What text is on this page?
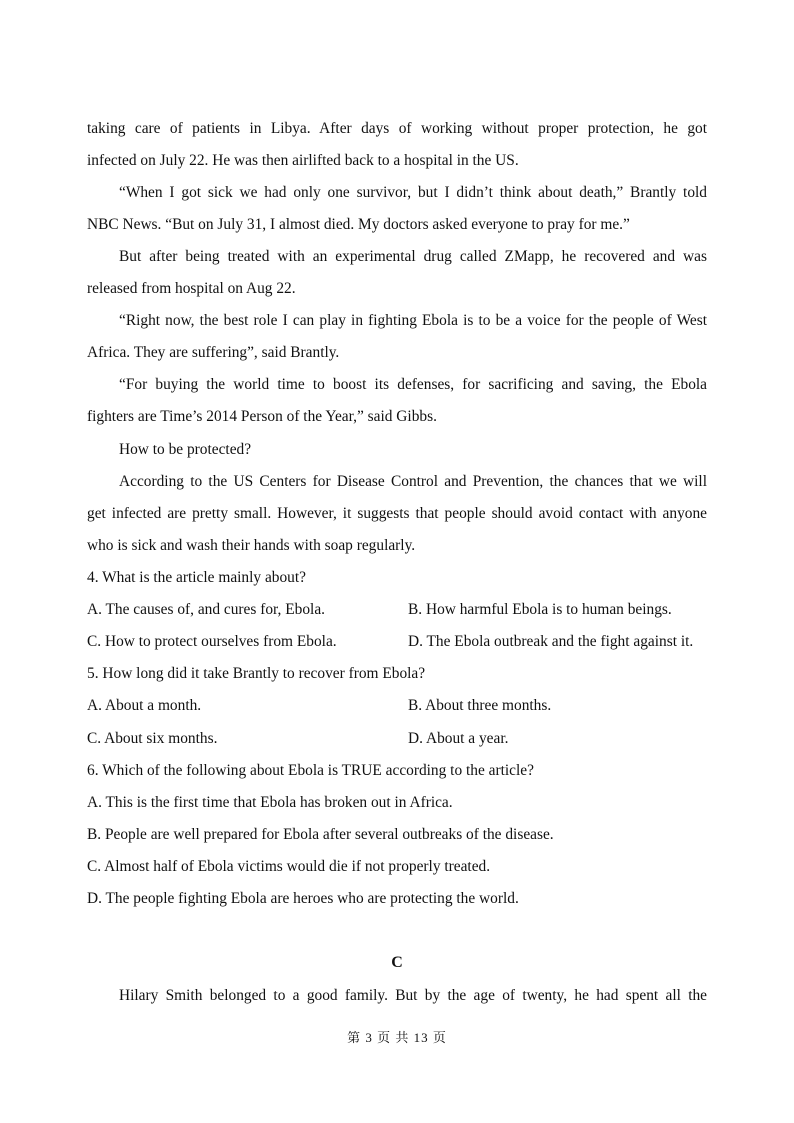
taking care of patients in Libya. After days of working without proper protection, he got
infected on July 22. He was then airlifted back to a hospital in the US.
“When I got sick we had only one survivor, but I didn’t think about death,” Brantly told
NBC News. “But on July 31, I almost died. My doctors asked everyone to pray for me.”
But after being treated with an experimental drug called ZMapp, he recovered and was
released from hospital on Aug 22.
“Right now, the best role I can play in fighting Ebola is to be a voice for the people of West
Africa. They are suffering”, said Brantly.
“For buying the world time to boost its defenses, for sacrificing and saving, the Ebola
fighters are Time’s 2014 Person of the Year,” said Gibbs.
How to be protected?
According to the US Centers for Disease Control and Prevention, the chances that we will
get infected are pretty small. However, it suggests that people should avoid contact with anyone
who is sick and wash their hands with soap regularly.
4. What is the article mainly about?
A. The causes of, and cures for, Ebola.	B. How harmful Ebola is to human beings.
C. How to protect ourselves from Ebola.	D. The Ebola outbreak and the fight against it.
5. How long did it take Brantly to recover from Ebola?
A. About a month.	B. About three months.
C. About six months.	D. About a year.
6. Which of the following about Ebola is TRUE according to the article?
A. This is the first time that Ebola has broken out in Africa.
B. People are well prepared for Ebola after several outbreaks of the disease.
C. Almost half of Ebola victims would die if not properly treated.
D. The people fighting Ebola are heroes who are protecting the world.
C
Hilary Smith belonged to a good family. But by the age of twenty, he had spent all the
第 3 页 共 13 页
